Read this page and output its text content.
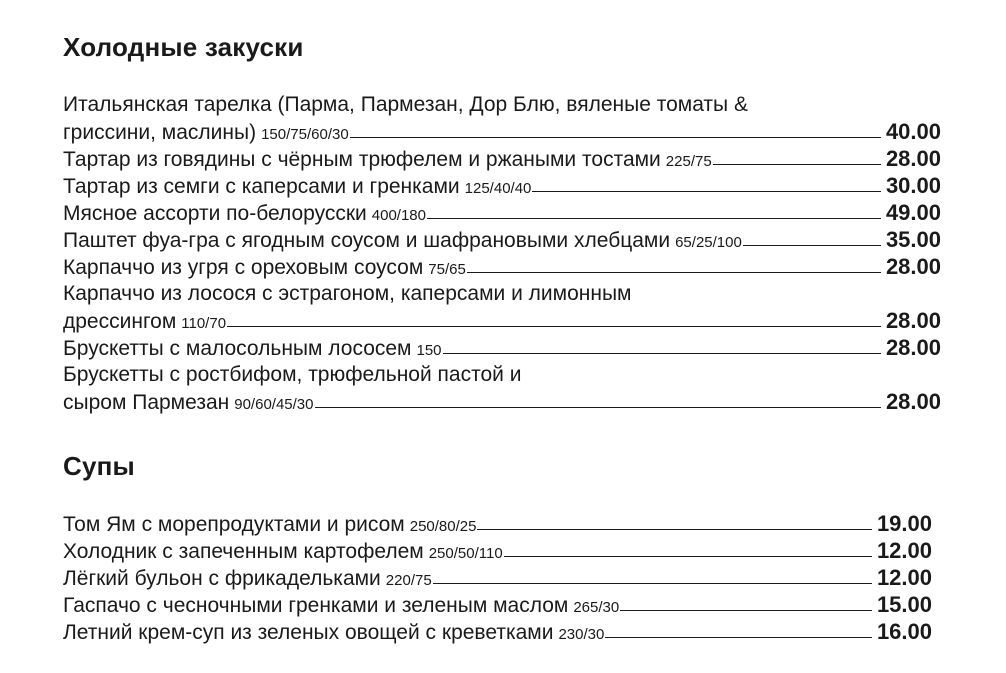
Холодные закуски
Итальянская тарелка (Парма, Пармезан, Дор Блю, вяленые томаты &
гриссини, маслины) 150/75/60/30	40.00
Тартар из говядины с чёрным трюфелем и ржаными тостами 225/75	28.00
Тартар из семги с каперсами и гренками 125/40/40	30.00
Мясное ассорти по-белорусски 400/180	49.00
Паштет фуа-гра с ягодным соусом и шафрановыми хлебцами 65/25/100	35.00
Карпаччо из угря с ореховым соусом 75/65	28.00
Карпаччо из лосося с эстрагоном, каперсами и лимонным
дрессингом 110/70	28.00
Брускетты с малосольным лососем 150	28.00
Брускетты с ростбифом, трюфельной пастой и
сыром Пармезан 90/60/45/30	28.00
Супы
Том Ям с морепродуктами и рисом 250/80/25	19.00
Холодник с запеченным картофелем 250/50/110	12.00
Лёгкий бульон с фрикадельками 220/75	12.00
Гаспачо с чесночными гренками и зеленым маслом 265/30	15.00
Летний крем-суп из зеленых овощей с креветками 230/30	16.00
